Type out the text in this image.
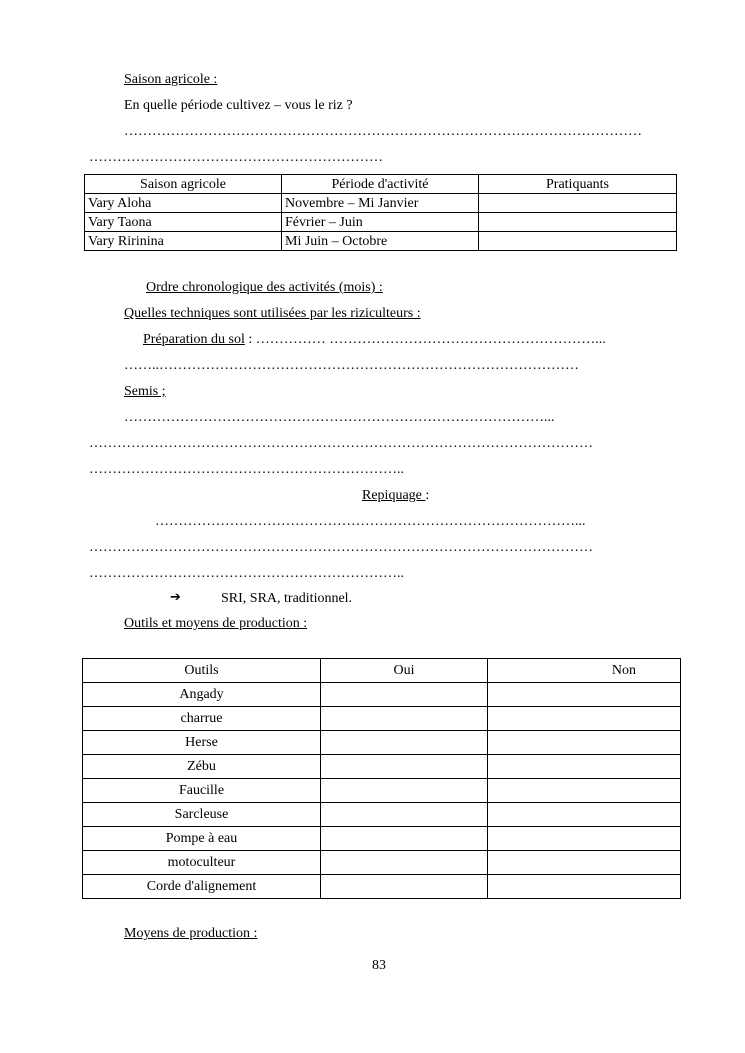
Saison agricole :
En quelle période cultivez – vous le riz ?
…………………………………………………………………………………………………
………………………………………………………
Saison agricole	Période d'activité	Pratiquants
Vary Aloha	Novembre – Mi Janvier	
Vary Taona	Février – Juin	
Vary Ririnina	Mi Juin – Octobre	
Ordre chronologique des activités (mois) :
Quelles techniques sont utilisées par les riziculteurs :
Préparation du sol : …………… …………………………………………………...
……..………………………………………………………………………………
Semis ;
………………………………………………………………………………...
………………………………………………………………………………………………
…………………………………………………………..
Repiquage :
………………………………………………………………………………...
………………………………………………………………………………………………
…………………………………………………………..
➔	SRI, SRA, traditionnel.
Outils et moyens de production :
Outils	Oui	Non
Angady		
charrue		
Herse		
Zébu		
Faucille		
Sarcleuse		
Pompe à eau		
motoculteur		
Corde d'alignement		
Moyens de production :
83
